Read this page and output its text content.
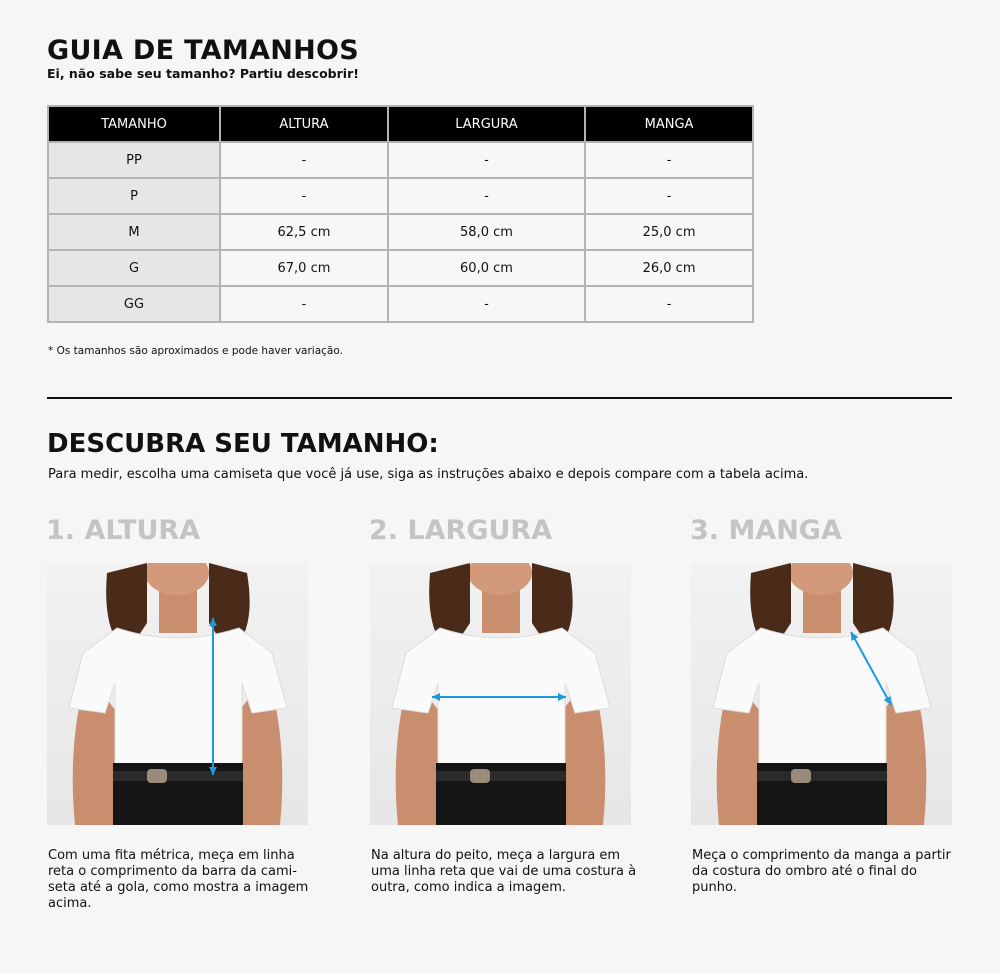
GUIA DE TAMANHOS
Ei, não sabe seu tamanho? Partiu descobrir!
TAMANHO	ALTURA	LARGURA	MANGA
PP	-	-	-
P	-	-	-
M	62,5 cm	58,0 cm	25,0 cm
G	67,0 cm	60,0 cm	26,0 cm
GG	-	-	-
* Os tamanhos são aproximados e pode haver variação.
DESCUBRA SEU TAMANHO:
Para medir, escolha uma camiseta que você já use, siga as instruções abaixo e depois compare com a tabela acima.
1. ALTURA
Com uma fita métrica, meça em linha reta o comprimento da barra da cami-seta até a gola, como mostra a imagem acima.
2. LARGURA
Na altura do peito, meça a largura em uma linha reta que vai de uma costura à outra, como indica a imagem.
3. MANGA
Meça o comprimento da manga a partir da costura do ombro até o final do punho.
